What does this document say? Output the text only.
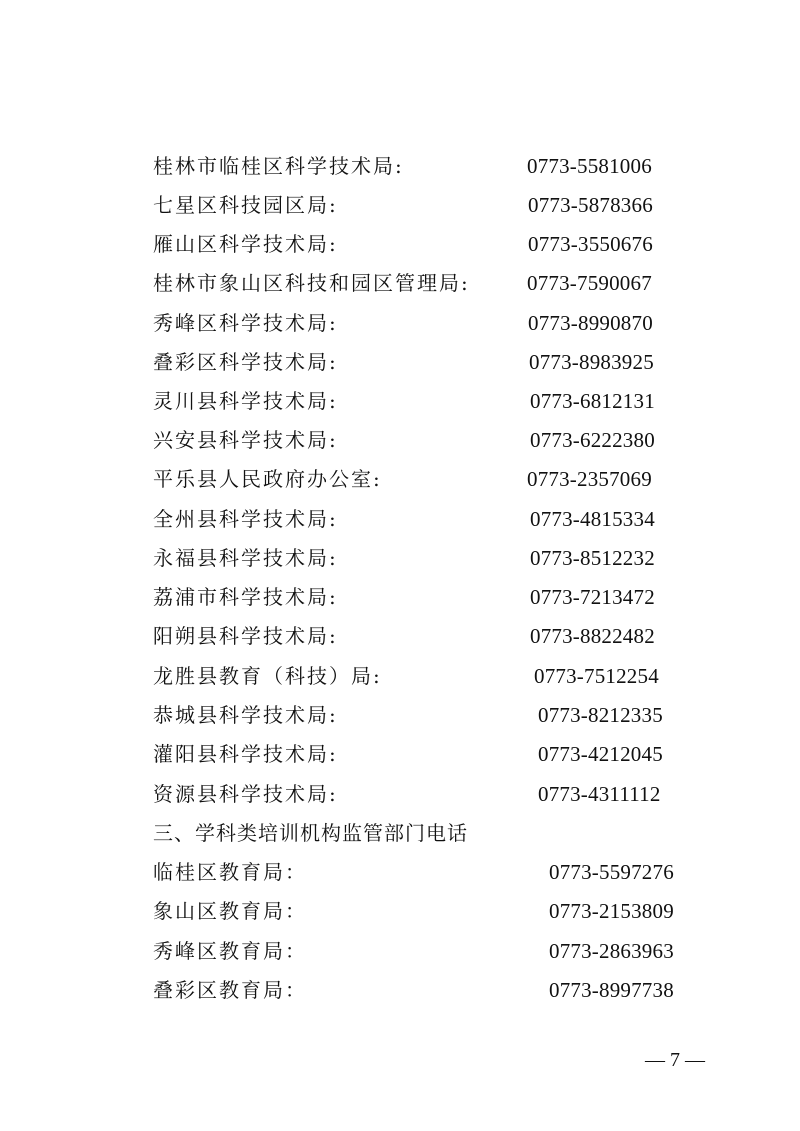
桂林市临桂区科学技术局:	0773-5581006
七星区科技园区局:	0773-5878366
雁山区科学技术局:	0773-3550676
桂林市象山区科技和园区管理局:	0773-7590067
秀峰区科学技术局:	0773-8990870
叠彩区科学技术局:	0773-8983925
灵川县科学技术局:	0773-6812131
兴安县科学技术局:	0773-6222380
平乐县人民政府办公室:	0773-2357069
全州县科学技术局:	0773-4815334
永福县科学技术局:	0773-8512232
荔浦市科学技术局:	0773-7213472
阳朔县科学技术局:	0773-8822482
龙胜县教育（科技）局:	0773-7512254
恭城县科学技术局:	0773-8212335
灌阳县科学技术局:	0773-4212045
资源县科学技术局:	0773-4311112
三、学科类培训机构监管部门电话
临桂区教育局：	0773-5597276
象山区教育局：	0773-2153809
秀峰区教育局：	0773-2863963
叠彩区教育局：	0773-8997738
— 7 —
